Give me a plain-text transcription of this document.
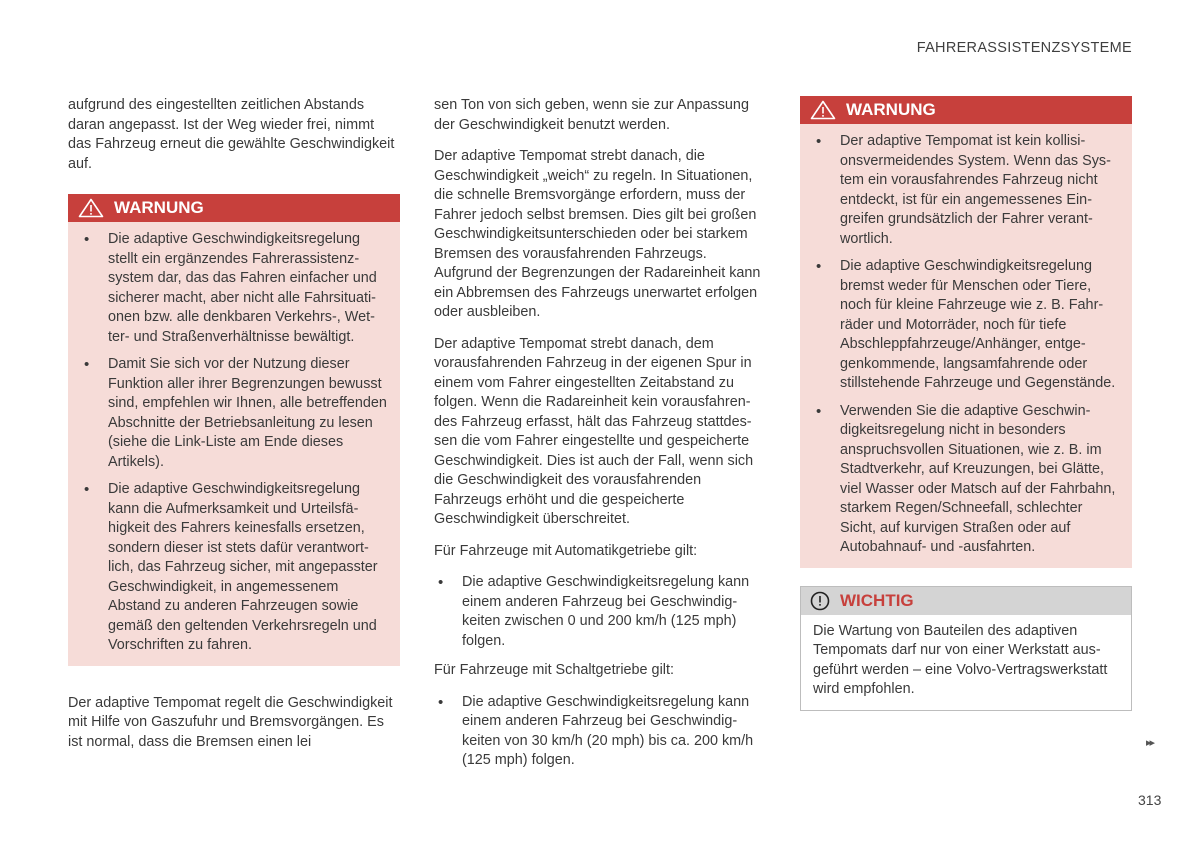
FAHRERASSISTENZSYSTEME

aufgrund des eingestellten zeitlichen Abstands daran angepasst. Ist der Weg wieder frei, nimmt das Fahrzeug erneut die gewählte Geschwindigkeit auf.

WARNUNG
• Die adaptive Geschwindigkeitsregelung stellt ein ergänzendes Fahrerassistenzsystem dar, das das Fahren einfacher und sicherer macht, aber nicht alle Fahrsituationen bzw. alle denkbaren Verkehrs-, Wetter- und Straßenverhältnisse bewältigt.
• Damit Sie sich vor der Nutzung dieser Funktion aller ihrer Begrenzungen bewusst sind, empfehlen wir Ihnen, alle betreffenden Abschnitte der Betriebsanleitung zu lesen (siehe die Link-Liste am Ende dieses Artikels).
• Die adaptive Geschwindigkeitsregelung kann die Aufmerksamkeit und Urteilsfähigkeit des Fahrers keinesfalls ersetzen, sondern dieser ist stets dafür verantwortlich, das Fahrzeug sicher, mit angepasster Geschwindigkeit, in angemessenem Abstand zu anderen Fahrzeugen sowie gemäß den geltenden Verkehrsregeln und Vorschriften zu fahren.

Der adaptive Tempomat regelt die Geschwindigkeit mit Hilfe von Gaszufuhr und Bremsvorgängen. Es ist normal, dass die Bremsen einen lei

sen Ton von sich geben, wenn sie zur Anpassung der Geschwindigkeit benutzt werden.

Der adaptive Tempomat strebt danach, die Geschwindigkeit „weich“ zu regeln. In Situationen, die schnelle Bremsvorgänge erfordern, muss der Fahrer jedoch selbst bremsen. Dies gilt bei großen Geschwindigkeitsunterschieden oder bei starkem Bremsen des vorausfahrenden Fahrzeugs. Aufgrund der Begrenzungen der Radareinheit kann ein Abbremsen des Fahrzeugs unerwartet erfolgen oder ausbleiben.

Der adaptive Tempomat strebt danach, dem vorausfahrenden Fahrzeug in der eigenen Spur in einem vom Fahrer eingestellten Zeitabstand zu folgen. Wenn die Radareinheit kein vorausfahrendes Fahrzeug erfasst, hält das Fahrzeug stattdessen die vom Fahrer eingestellte und gespeicherte Geschwindigkeit. Dies ist auch der Fall, wenn sich die Geschwindigkeit des vorausfahrenden Fahrzeugs erhöht und die gespeicherte Geschwindigkeit überschreitet.

Für Fahrzeuge mit Automatikgetriebe gilt:

• Die adaptive Geschwindigkeitsregelung kann einem anderen Fahrzeug bei Geschwindigkeiten zwischen 0 und 200 km/h (125 mph) folgen.

Für Fahrzeuge mit Schaltgetriebe gilt:

• Die adaptive Geschwindigkeitsregelung kann einem anderen Fahrzeug bei Geschwindigkeiten von 30 km/h (20 mph) bis ca. 200 km/h (125 mph) folgen.
WARNUNG
• Der adaptive Tempomat ist kein kollisionsvermeidendes System. Wenn das System ein vorausfahrendes Fahrzeug nicht entdeckt, ist für ein angemessenes Eingreifen grundsätzlich der Fahrer verantwortlich.
• Die adaptive Geschwindigkeitsregelung bremst weder für Menschen oder Tiere, noch für kleine Fahrzeuge wie z. B. Fahrräder und Motorräder, noch für tiefe Abschleppfahrzeuge/Anhänger, entgegenkommende, langsamfahrende oder stillstehende Fahrzeuge und Gegenstände.
• Verwenden Sie die adaptive Geschwindigkeitsregelung nicht in besonders anspruchsvollen Situationen, wie z. B. im Stadtverkehr, auf Kreuzungen, bei Glätte, viel Wasser oder Matsch auf der Fahrbahn, starkem Regen/Schneefall, schlechter Sicht, auf kurvigen Straßen oder auf Autobahnauf- und -ausfahrten.
WICHTIG
Die Wartung von Bauteilen des adaptiven Tempomats darf nur von einer Werkstatt ausgeführt werden – eine Volvo-Vertragswerkstatt wird empfohlen.
▸▸
313
